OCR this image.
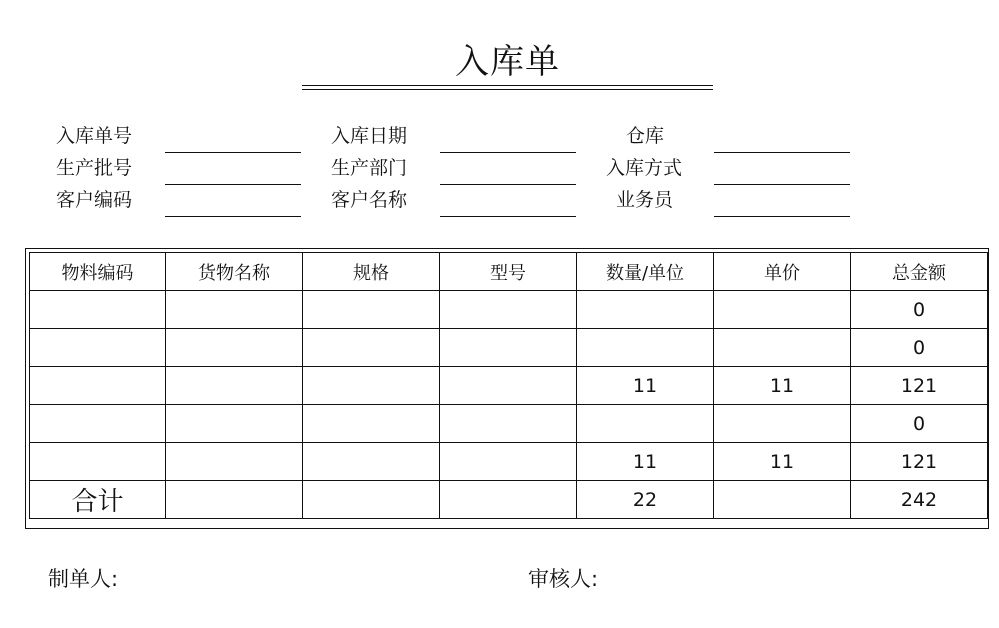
入库单
入库单号	入库日期	仓库
生产批号	生产部门	入库方式
客户编码	客户名称	业务员
物料编码	货物名称	规格	型号	数量/单位	单价	总金额
						0
						0
				11	11	121
						0
				11	11	121
合计				22		242
制单人:	审核人:
